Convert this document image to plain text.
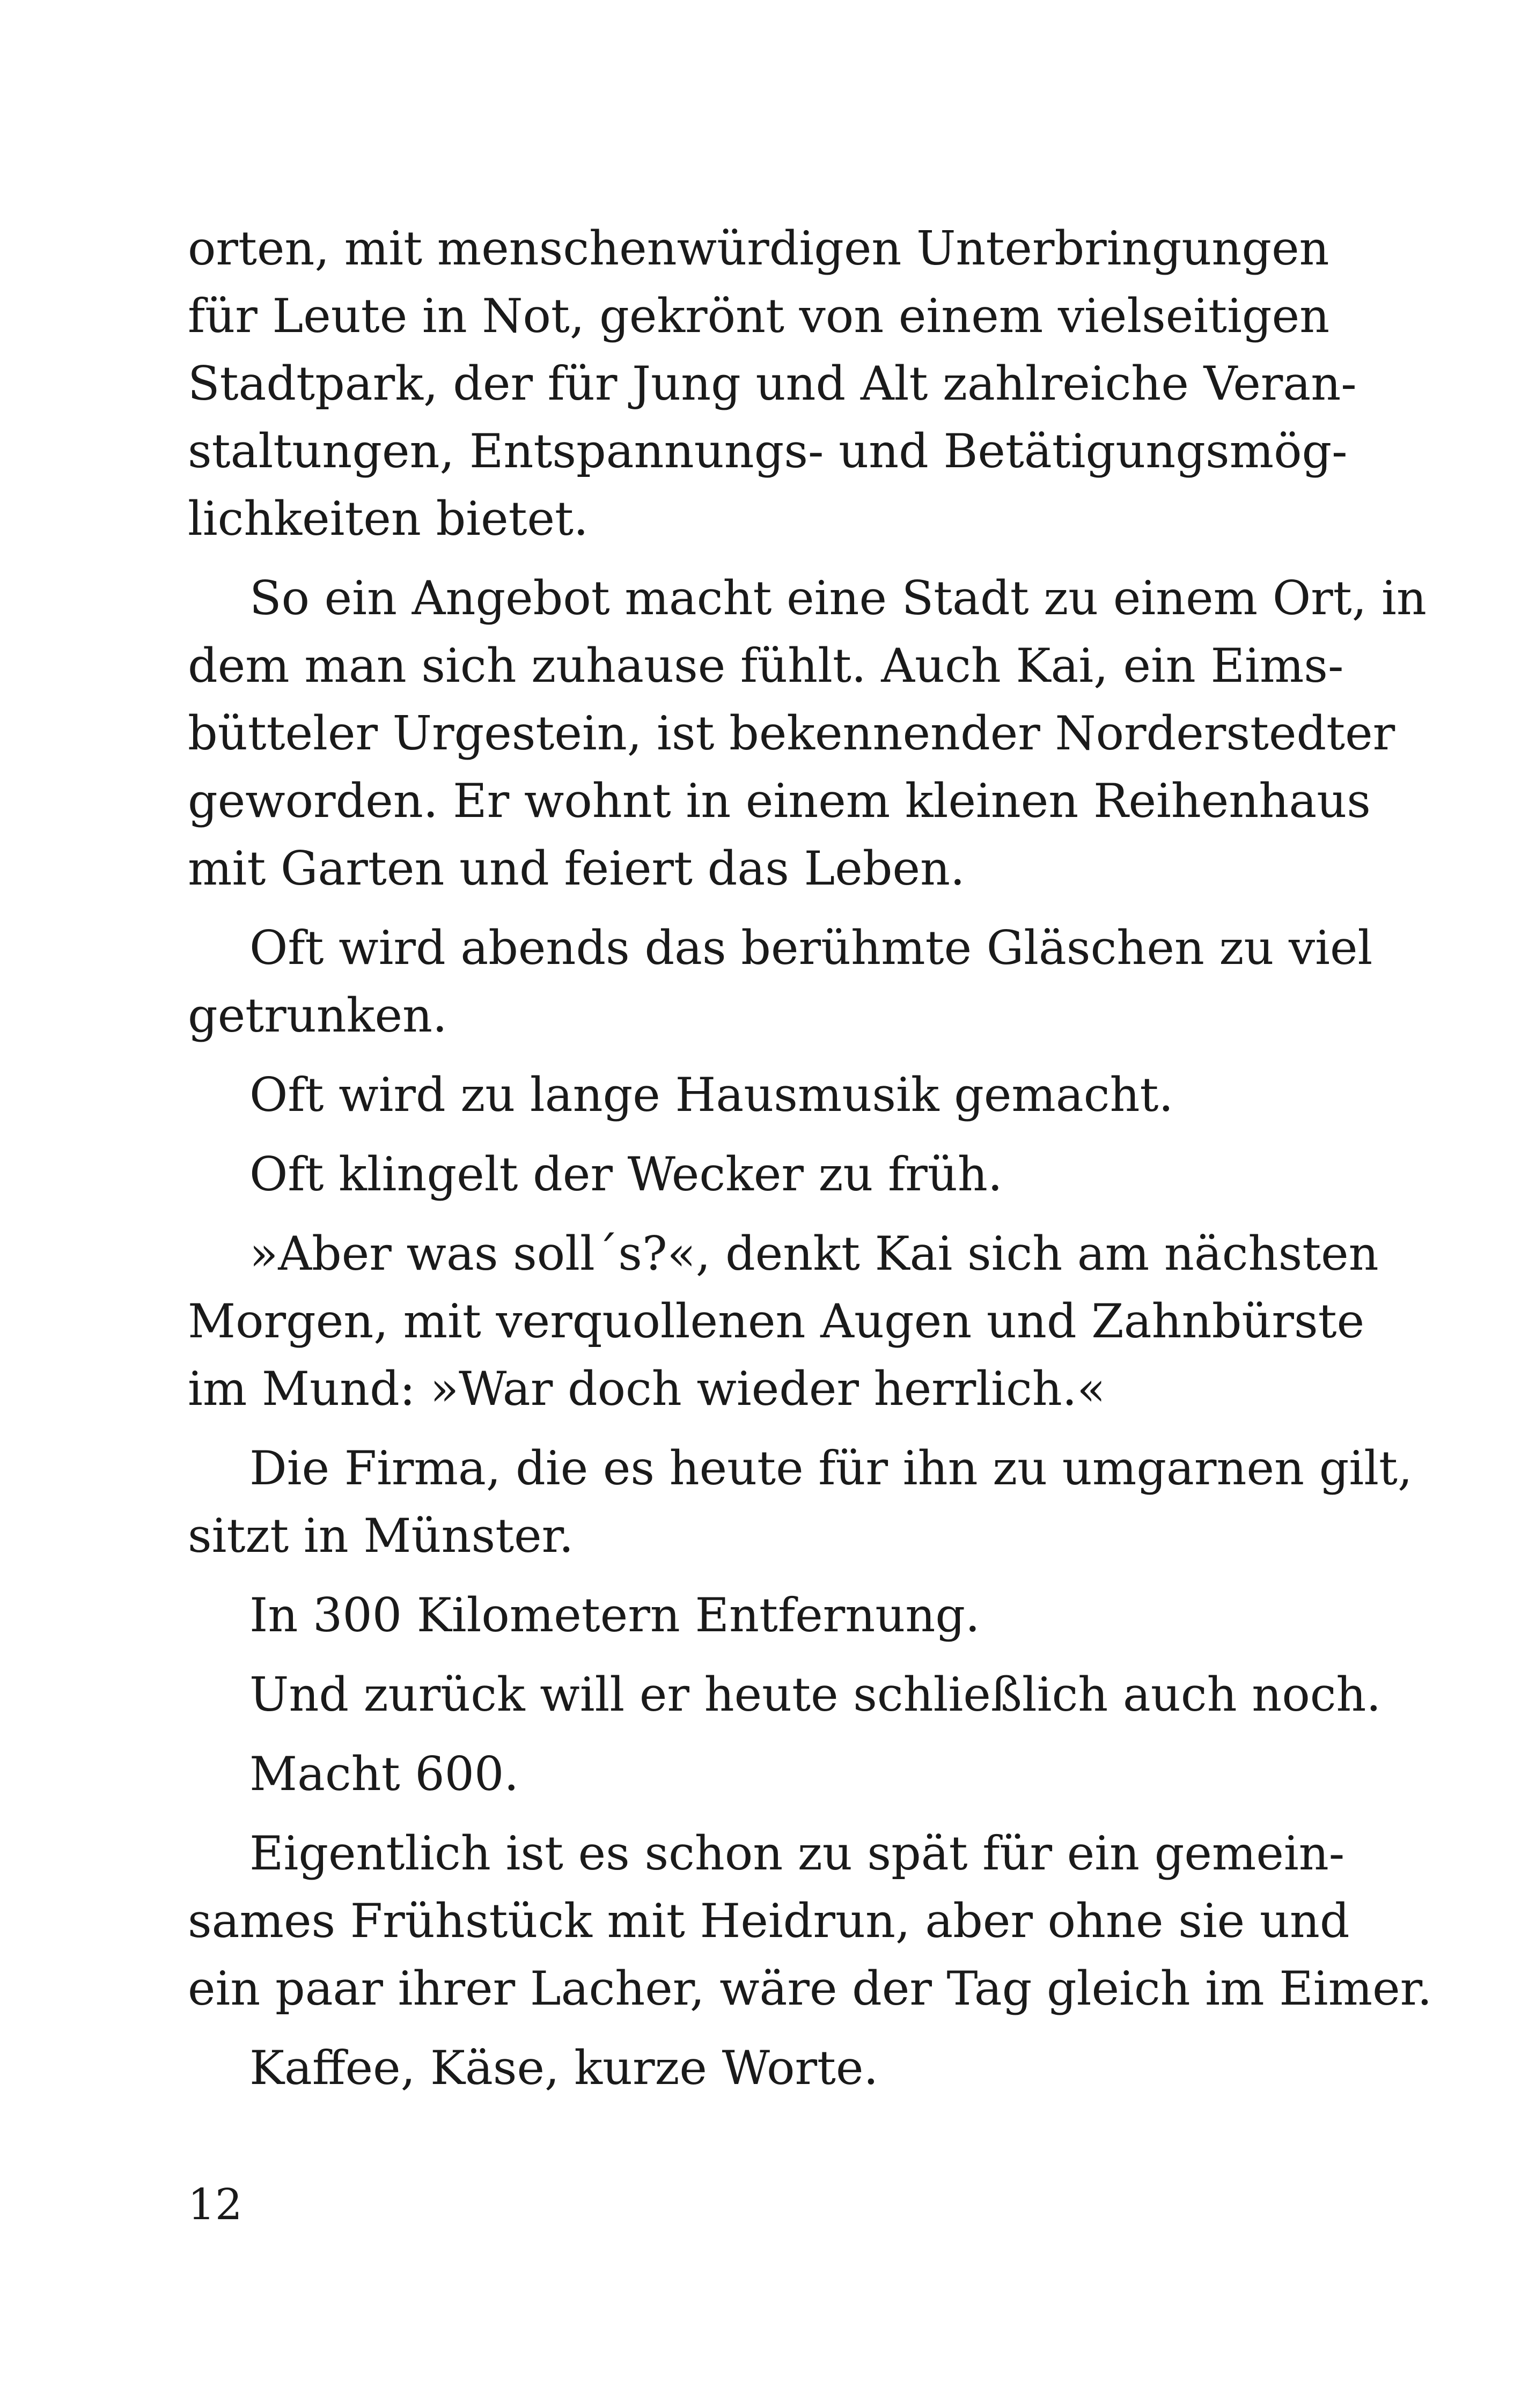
orten, mit menschenwürdigen Unterbringungen
für Leute in Not, gekrönt von einem vielseitigen
Stadtpark, der für Jung und Alt zahlreiche Veran-
staltungen, Entspannungs- und Betätigungsmög-
lichkeiten bietet.
So ein Angebot macht eine Stadt zu einem Ort, in
dem man sich zuhause fühlt. Auch Kai, ein Eims-
bütteler Urgestein, ist bekennender Norderstedter
geworden. Er wohnt in einem kleinen Reihenhaus
mit Garten und feiert das Leben.
Oft wird abends das berühmte Gläschen zu viel
getrunken.
Oft wird zu lange Hausmusik gemacht.
Oft klingelt der Wecker zu früh.
»Aber was soll´s?«, denkt Kai sich am nächsten
Morgen, mit verquollenen Augen und Zahnbürste
im Mund: »War doch wieder herrlich.«
Die Firma, die es heute für ihn zu umgarnen gilt,
sitzt in Münster.
In 300 Kilometern Entfernung.
Und zurück will er heute schließlich auch noch.
Macht 600.
Eigentlich ist es schon zu spät für ein gemein-
sames Frühstück mit Heidrun, aber ohne sie und
ein paar ihrer Lacher, wäre der Tag gleich im Eimer.
Kaffee, Käse, kurze Worte.
12
